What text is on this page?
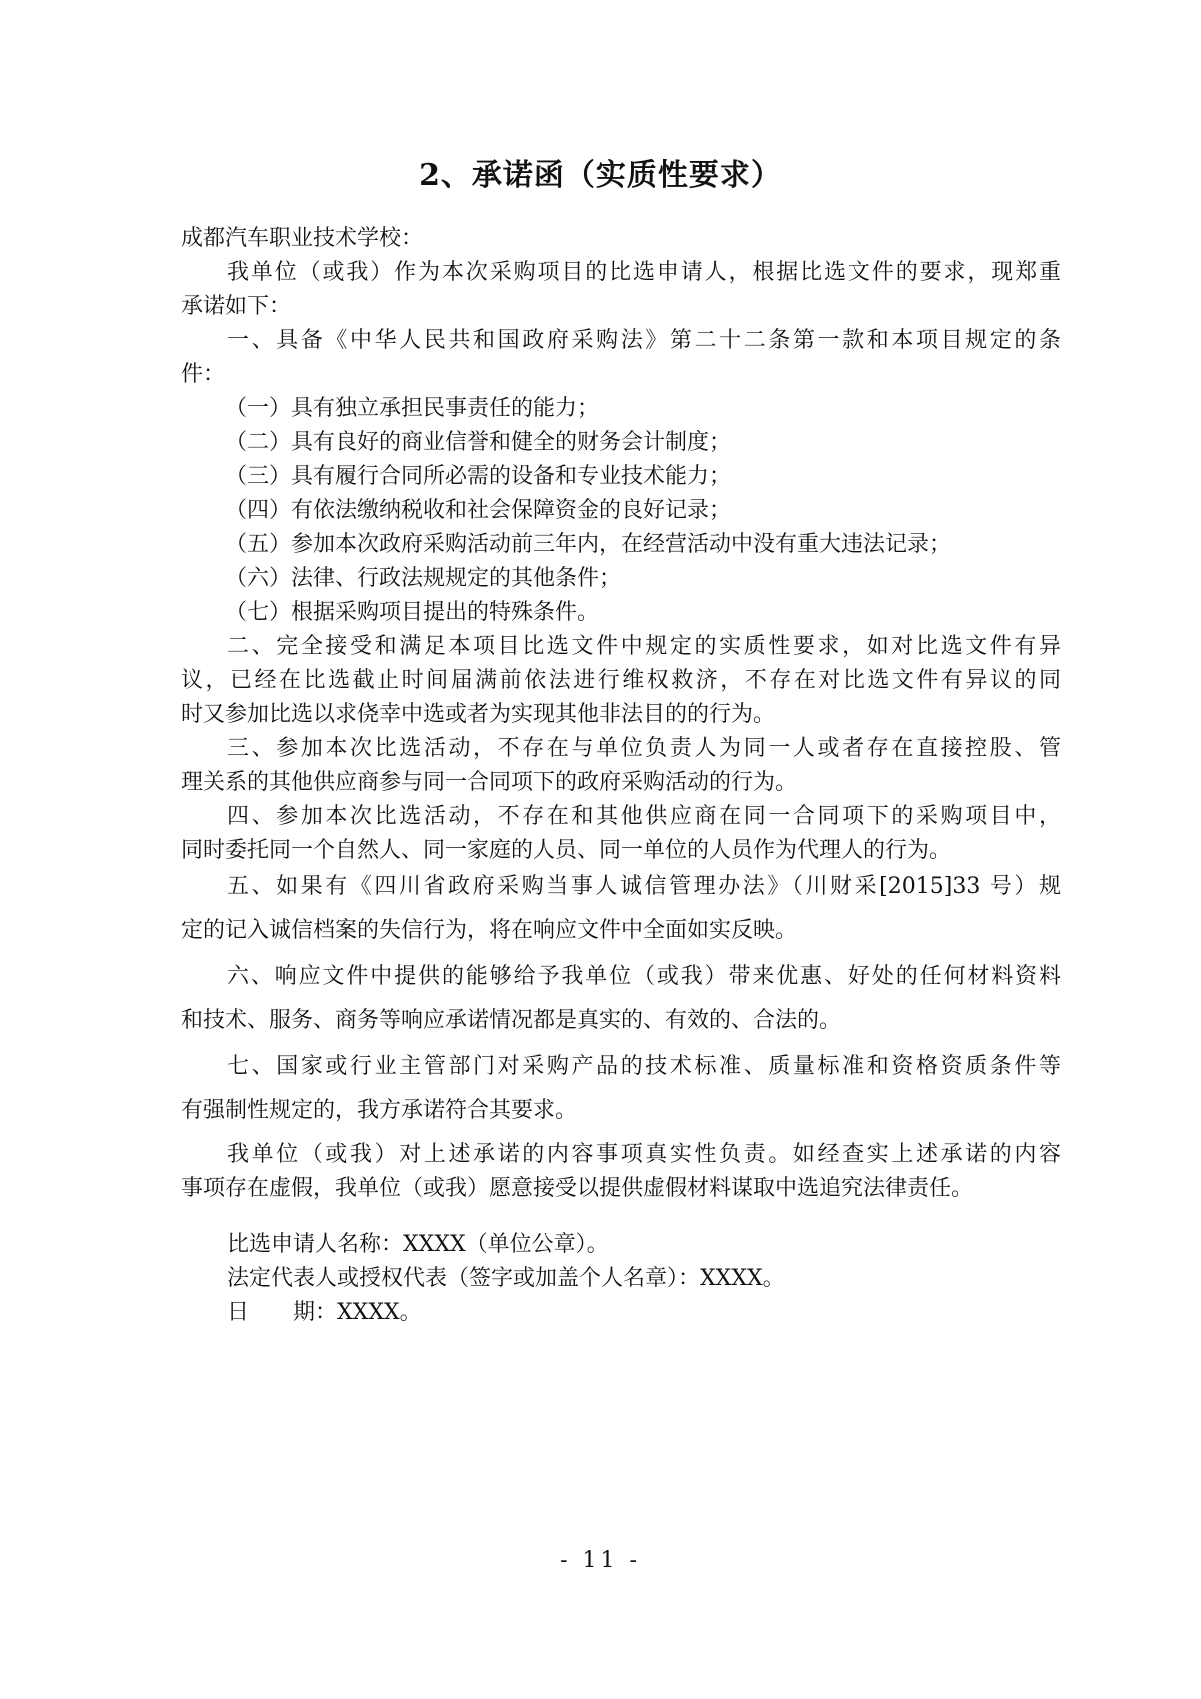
2、承诺函（实质性要求）
成都汽车职业技术学校：
我单位（或我）作为本次采购项目的比选申请人，根据比选文件的要求，现郑重
承诺如下：
一、具备《中华人民共和国政府采购法》第二十二条第一款和本项目规定的条
件：
（一）具有独立承担民事责任的能力；
（二）具有良好的商业信誉和健全的财务会计制度；
（三）具有履行合同所必需的设备和专业技术能力；
（四）有依法缴纳税收和社会保障资金的良好记录；
（五）参加本次政府采购活动前三年内，在经营活动中没有重大违法记录；
（六）法律、行政法规规定的其他条件；
（七）根据采购项目提出的特殊条件。
二、完全接受和满足本项目比选文件中规定的实质性要求，如对比选文件有异
议，已经在比选截止时间届满前依法进行维权救济，不存在对比选文件有异议的同
时又参加比选以求侥幸中选或者为实现其他非法目的的行为。
三、参加本次比选活动，不存在与单位负责人为同一人或者存在直接控股、管
理关系的其他供应商参与同一合同项下的政府采购活动的行为。
四、参加本次比选活动，不存在和其他供应商在同一合同项下的采购项目中，
同时委托同一个自然人、同一家庭的人员、同一单位的人员作为代理人的行为。
五、如果有《四川省政府采购当事人诚信管理办法》（川财采[2015]33 号）规
定的记入诚信档案的失信行为，将在响应文件中全面如实反映。
六、响应文件中提供的能够给予我单位（或我）带来优惠、好处的任何材料资料
和技术、服务、商务等响应承诺情况都是真实的、有效的、合法的。
七、国家或行业主管部门对采购产品的技术标准、质量标准和资格资质条件等
有强制性规定的，我方承诺符合其要求。
我单位（或我）对上述承诺的内容事项真实性负责。如经查实上述承诺的内容
事项存在虚假，我单位（或我）愿意接受以提供虚假材料谋取中选追究法律责任。
比选申请人名称：XXXX（单位公章）。
法定代表人或授权代表（签字或加盖个人名章）：XXXX。
日　　期：XXXX。
- 11 -
